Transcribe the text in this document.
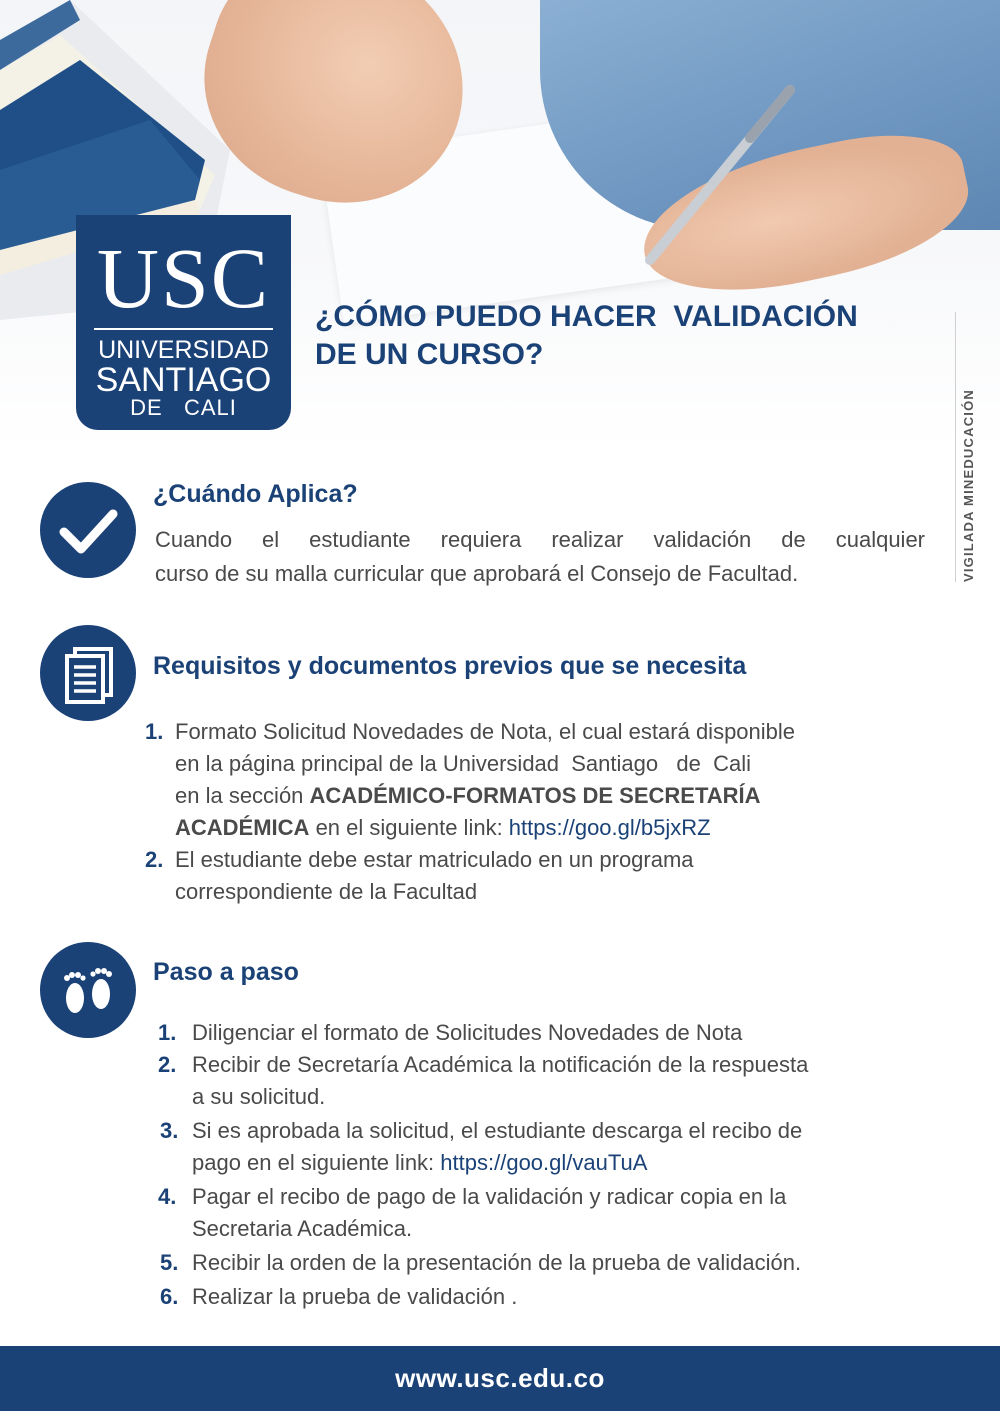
USC
UNIVERSIDAD
SANTIAGO
DE   CALI
¿CÓMO PUEDO HACER  VALIDACIÓN
DE UN CURSO?
VIGILADA MINEDUCACIÓN
¿Cuándo Aplica?

Cuando el estudiante requiera realizar validación de cualquier

curso de su malla curricular que aprobará el Consejo de Facultad.

Requisitos y documentos previos que se necesita
1. Formato Solicitud Novedades de Nota, el cual estará disponible
en la página principal de la Universidad  Santiago   de  Cali
en la sección ACADÉMICO-FORMATOS DE SECRETARÍA
ACADÉMICA en el siguiente link: https://goo.gl/b5jxRZ
2. El estudiante debe estar matriculado en un programa
correspondiente de la Facultad
Paso a paso
1. Diligenciar el formato de Solicitudes Novedades de Nota
2. Recibir de Secretaría Académica la notificación de la respuesta
a su solicitud.
3. Si es aprobada la solicitud, el estudiante descarga el recibo de
pago en el siguiente link: https://goo.gl/vauTuA
4. Pagar el recibo de pago de la validación y radicar copia en la
Secretaria Académica.
5. Recibir la orden de la presentación de la prueba de validación.
6. Realizar la prueba de validación .
www.usc.edu.co
